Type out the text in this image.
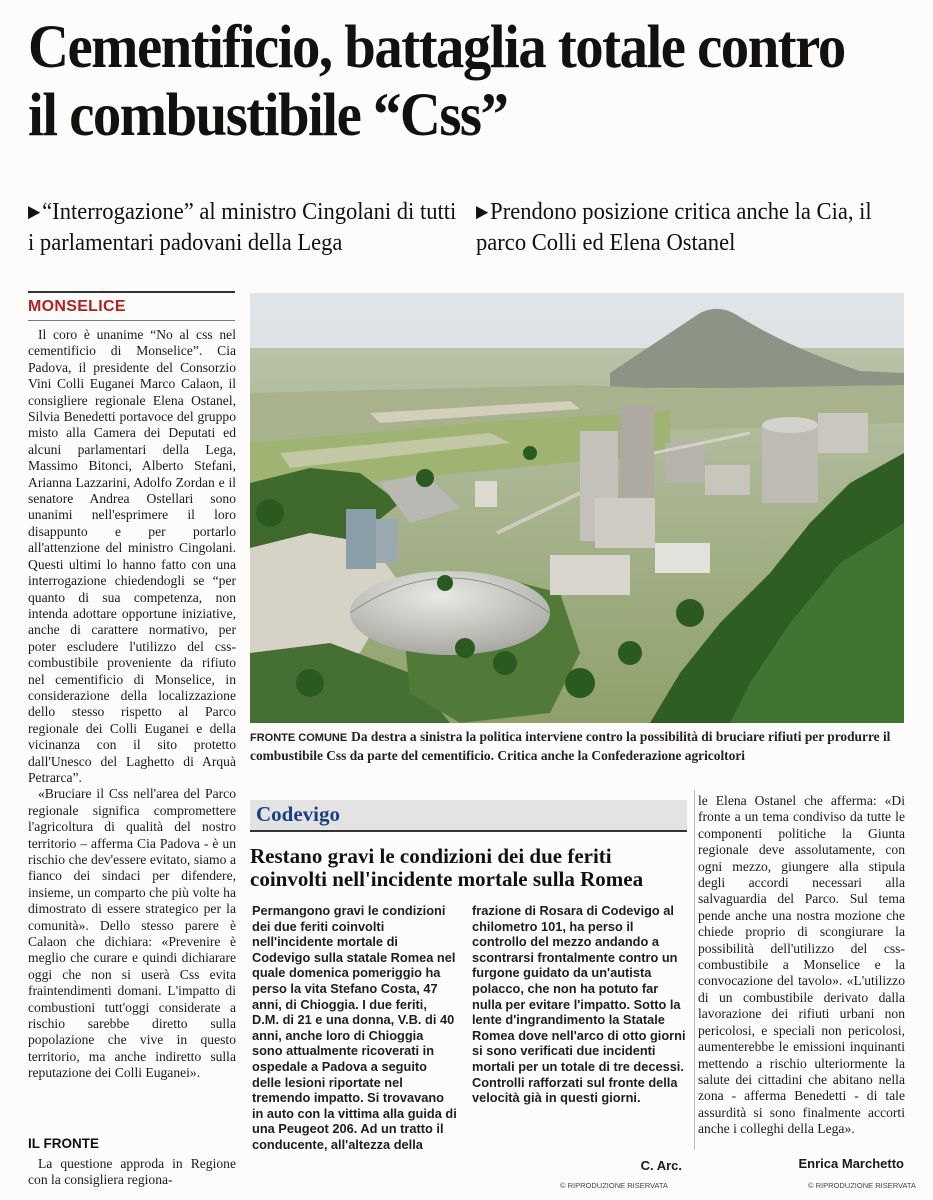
Cementificio, battaglia totale contro il combustibile “Css”

▶“Interrogazione” al ministro Cingolani di tutti i parlamentari padovani della Lega

▶Prendono posizione critica anche la Cia, il parco Colli ed Elena Ostanel

MONSELICE

Il coro è unanime “No al css nel cementificio di Monselice”. Cia Padova, il presidente del Consorzio Vini Colli Euganei Marco Calaon, il consigliere regionale Elena Ostanel, Silvia Benedetti portavoce del gruppo misto alla Camera dei Deputati ed alcuni parlamentari della Lega, Massimo Bitonci, Alberto Stefani, Arianna Lazzarini, Adolfo Zordan e il senatore Andrea Ostellari sono unanimi nell'esprimere il loro disappunto e per portarlo all'attenzione del ministro Cingolani. Questi ultimi lo hanno fatto con una interrogazione chiedendogli se “per quanto di sua competenza, non intenda adottare opportune iniziative, anche di carattere normativo, per poter escludere l'utilizzo del css-combustibile proveniente da rifiuto nel cementificio di Monselice, in considerazione della localizzazione dello stesso rispetto al Parco regionale dei Colli Euganei e della vicinanza con il sito protetto dall'Unesco del Laghetto di Arquà Petrarca”.

«Bruciare il Css nell'area del Parco regionale significa compromettere l'agricoltura di qualità del nostro territorio – afferma Cia Padova - è un rischio che dev'essere evitato, siamo a fianco dei sindaci per difendere, insieme, un comparto che più volte ha dimostrato di essere strategico per la comunità». Dello stesso parere è Calaon che dichiara: «Prevenire è meglio che curare e quindi dichiarare oggi che non si userà Css evita fraintendimenti domani. L'impatto di combustioni tutt'oggi considerate a rischio sarebbe diretto sulla popolazione che vive in questo territorio, ma anche indiretto sulla reputazione dei Colli Euganei».

IL FRONTE

La questione approda in Regione con la consigliera regiona-

FRONTE COMUNE Da destra a sinistra la politica interviene contro la possibilità di bruciare rifiuti per produrre il combustibile Css da parte del cementificio. Critica anche la Confederazione agricoltori

Codevigo

Restano gravi le condizioni dei due feriti coinvolti nell'incidente mortale sulla Romea

Permangono gravi le condizioni dei due feriti coinvolti nell'incidente mortale di Codevigo sulla statale Romea nel quale domenica pomeriggio ha perso la vita Stefano Costa, 47 anni, di Chioggia. I due feriti, D.M. di 21 e una donna, V.B. di 40 anni, anche loro di Chioggia sono attualmente ricoverati in ospedale a Padova a seguito delle lesioni riportate nel tremendo impatto. Si trovavano in auto con la vittima alla guida di una Peugeot 206. Ad un tratto il conducente, all'altezza della

frazione di Rosara di Codevigo al chilometro 101, ha perso il controllo del mezzo andando a scontrarsi frontalmente contro un furgone guidato da un'autista polacco, che non ha potuto far nulla per evitare l'impatto. Sotto la lente d'ingrandimento la Statale Romea dove nell'arco di otto giorni si sono verificati due incidenti mortali per un totale di tre decessi. Controlli rafforzati sul fronte della velocità già in questi giorni.

C. Arc.

© RIPRODUZIONE RISERVATA

le Elena Ostanel che afferma: «Di fronte a un tema condiviso da tutte le componenti politiche la Giunta regionale deve assolutamente, con ogni mezzo, giungere alla stipula degli accordi necessari alla salvaguardia del Parco. Sul tema pende anche una nostra mozione che chiede proprio di scongiurare la possibilità dell'utilizzo del css-combustibile a Monselice e la convocazione del tavolo». «L'utilizzo di un combustibile derivato dalla lavorazione dei rifiuti urbani non pericolosi, e speciali non pericolosi, aumenterebbe le emissioni inquinanti mettendo a rischio ulteriormente la salute dei cittadini che abitano nella zona - afferma Benedetti - di tale assurdità si sono finalmente accorti anche i colleghi della Lega».

Enrica Marchetto

© RIPRODUZIONE RISERVATA
